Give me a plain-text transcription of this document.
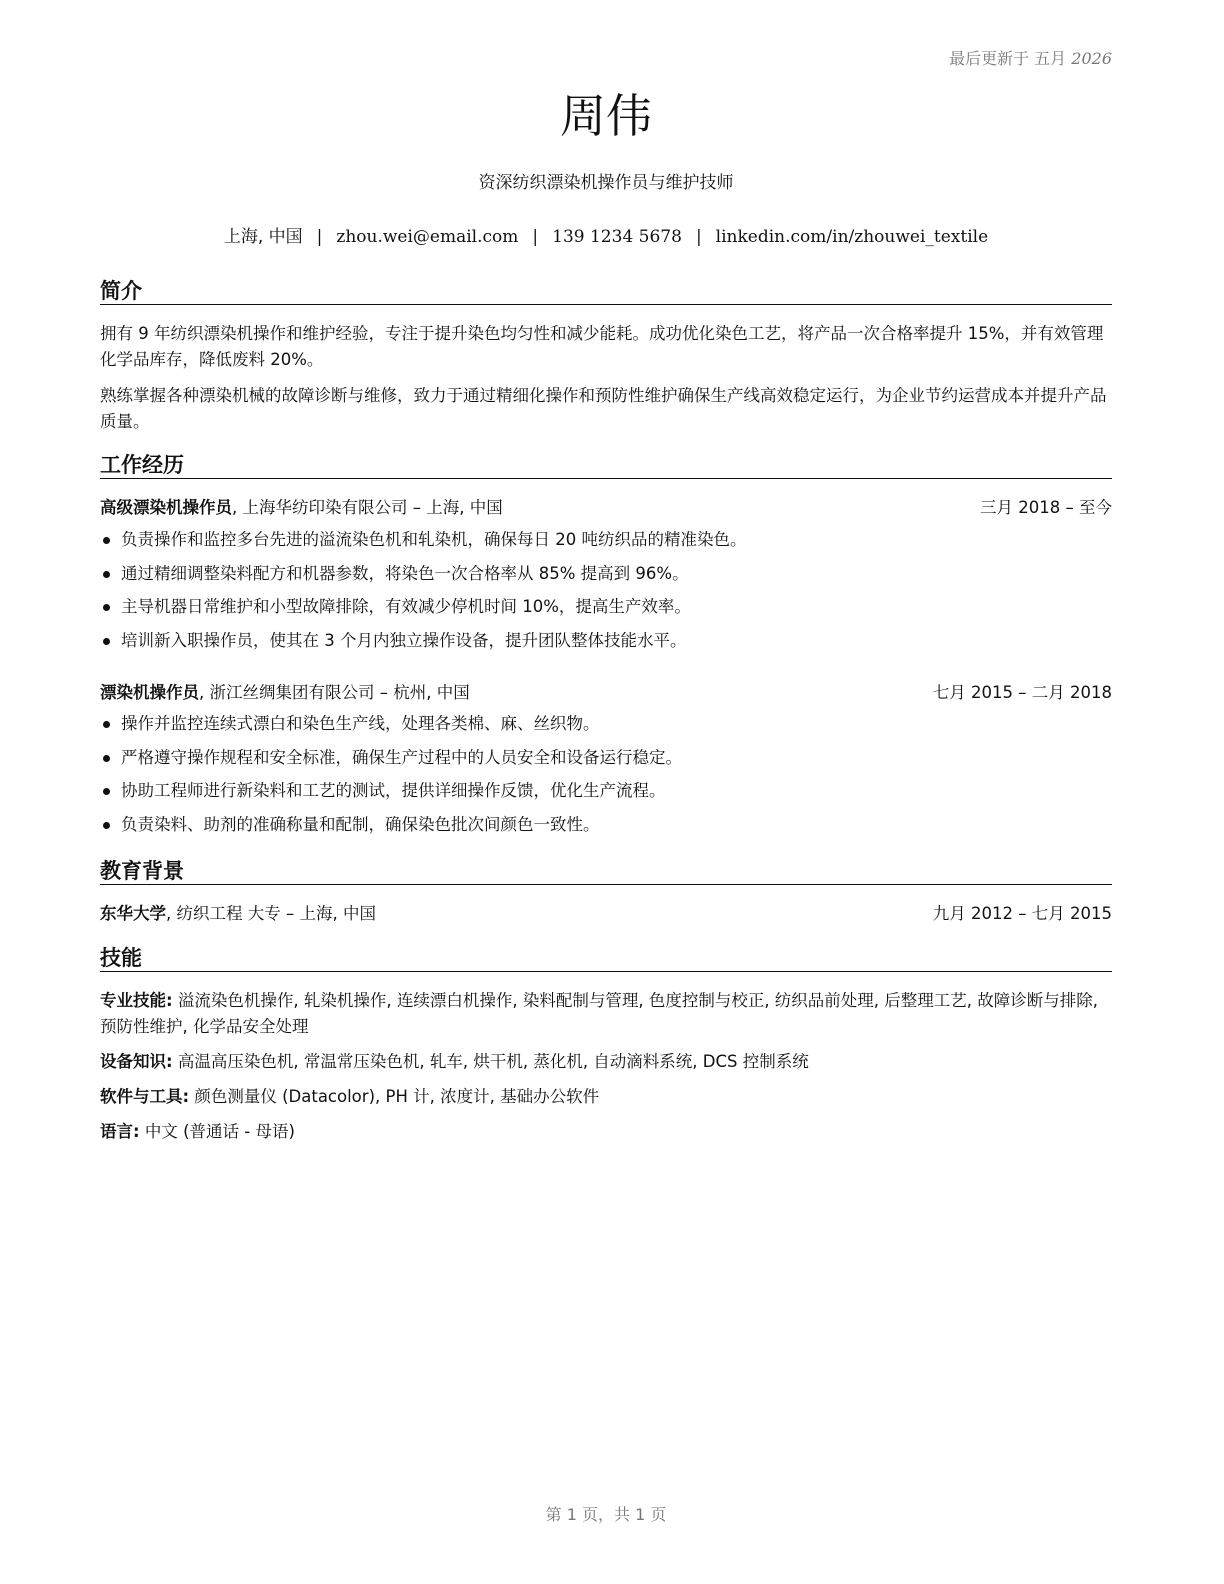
最后更新于 五月 2026
周伟
资深纺织漂染机操作员与维护技师
上海, 中国 | zhou.wei@email.com | 139 1234 5678 | linkedin.com/in/zhouwei_textile
简介
拥有 9 年纺织漂染机操作和维护经验，专注于提升染色均匀性和减少能耗。成功优化染色工艺，将产品一次合格率提升 15%，并有效管理化学品库存，降低废料 20%。
熟练掌握各种漂染机械的故障诊断与维修，致力于通过精细化操作和预防性维护确保生产线高效稳定运行，为企业节约运营成本并提升产品质量。
工作经历
高级漂染机操作员, 上海华纺印染有限公司 – 上海, 中国	三月 2018 – 至今
负责操作和监控多台先进的溢流染色机和轧染机，确保每日 20 吨纺织品的精准染色。
通过精细调整染料配方和机器参数，将染色一次合格率从 85% 提高到 96%。
主导机器日常维护和小型故障排除，有效减少停机时间 10%，提高生产效率。
培训新入职操作员，使其在 3 个月内独立操作设备，提升团队整体技能水平。
漂染机操作员, 浙江丝绸集团有限公司 – 杭州, 中国	七月 2015 – 二月 2018
操作并监控连续式漂白和染色生产线，处理各类棉、麻、丝织物。
严格遵守操作规程和安全标准，确保生产过程中的人员安全和设备运行稳定。
协助工程师进行新染料和工艺的测试，提供详细操作反馈，优化生产流程。
负责染料、助剂的准确称量和配制，确保染色批次间颜色一致性。
教育背景
东华大学, 纺织工程 大专 – 上海, 中国	九月 2012 – 七月 2015
技能
专业技能: 溢流染色机操作, 轧染机操作, 连续漂白机操作, 染料配制与管理, 色度控制与校正, 纺织品前处理, 后整理工艺, 故障诊断与排除, 预防性维护, 化学品安全处理
设备知识: 高温高压染色机, 常温常压染色机, 轧车, 烘干机, 蒸化机, 自动滴料系统, DCS 控制系统
软件与工具: 颜色测量仪 (Datacolor), PH 计, 浓度计, 基础办公软件
语言: 中文 (普通话 - 母语)
第 1 页，共 1 页
